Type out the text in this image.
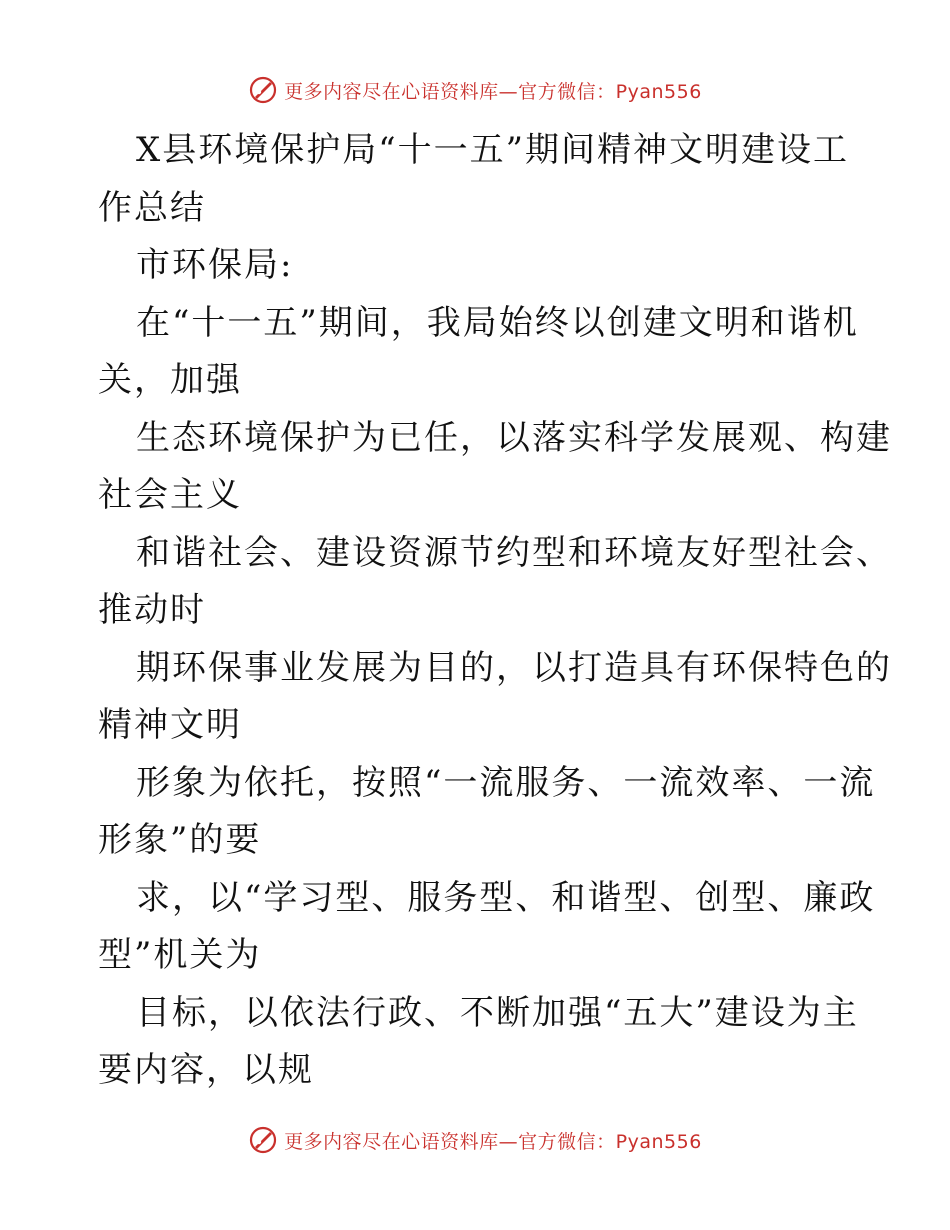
更多内容尽在心语资料库—官方微信：Pyan556
X县环境保护局“十一五”期间精神文明建设工
作总结
市环保局:
在“十一五”期间，我局始终以创建文明和谐机
关，加强
生态环境保护为已任，以落实科学发展观、构建
社会主义
和谐社会、建设资源节约型和环境友好型社会、
推动时
期环保事业发展为目的，以打造具有环保特色的
精神文明
形象为依托，按照“一流服务、一流效率、一流
形象”的要
求，以“学习型、服务型、和谐型、创型、廉政
型”机关为
目标，以依法行政、不断加强“五大”建设为主
要内容，以规
更多内容尽在心语资料库—官方微信：Pyan556
